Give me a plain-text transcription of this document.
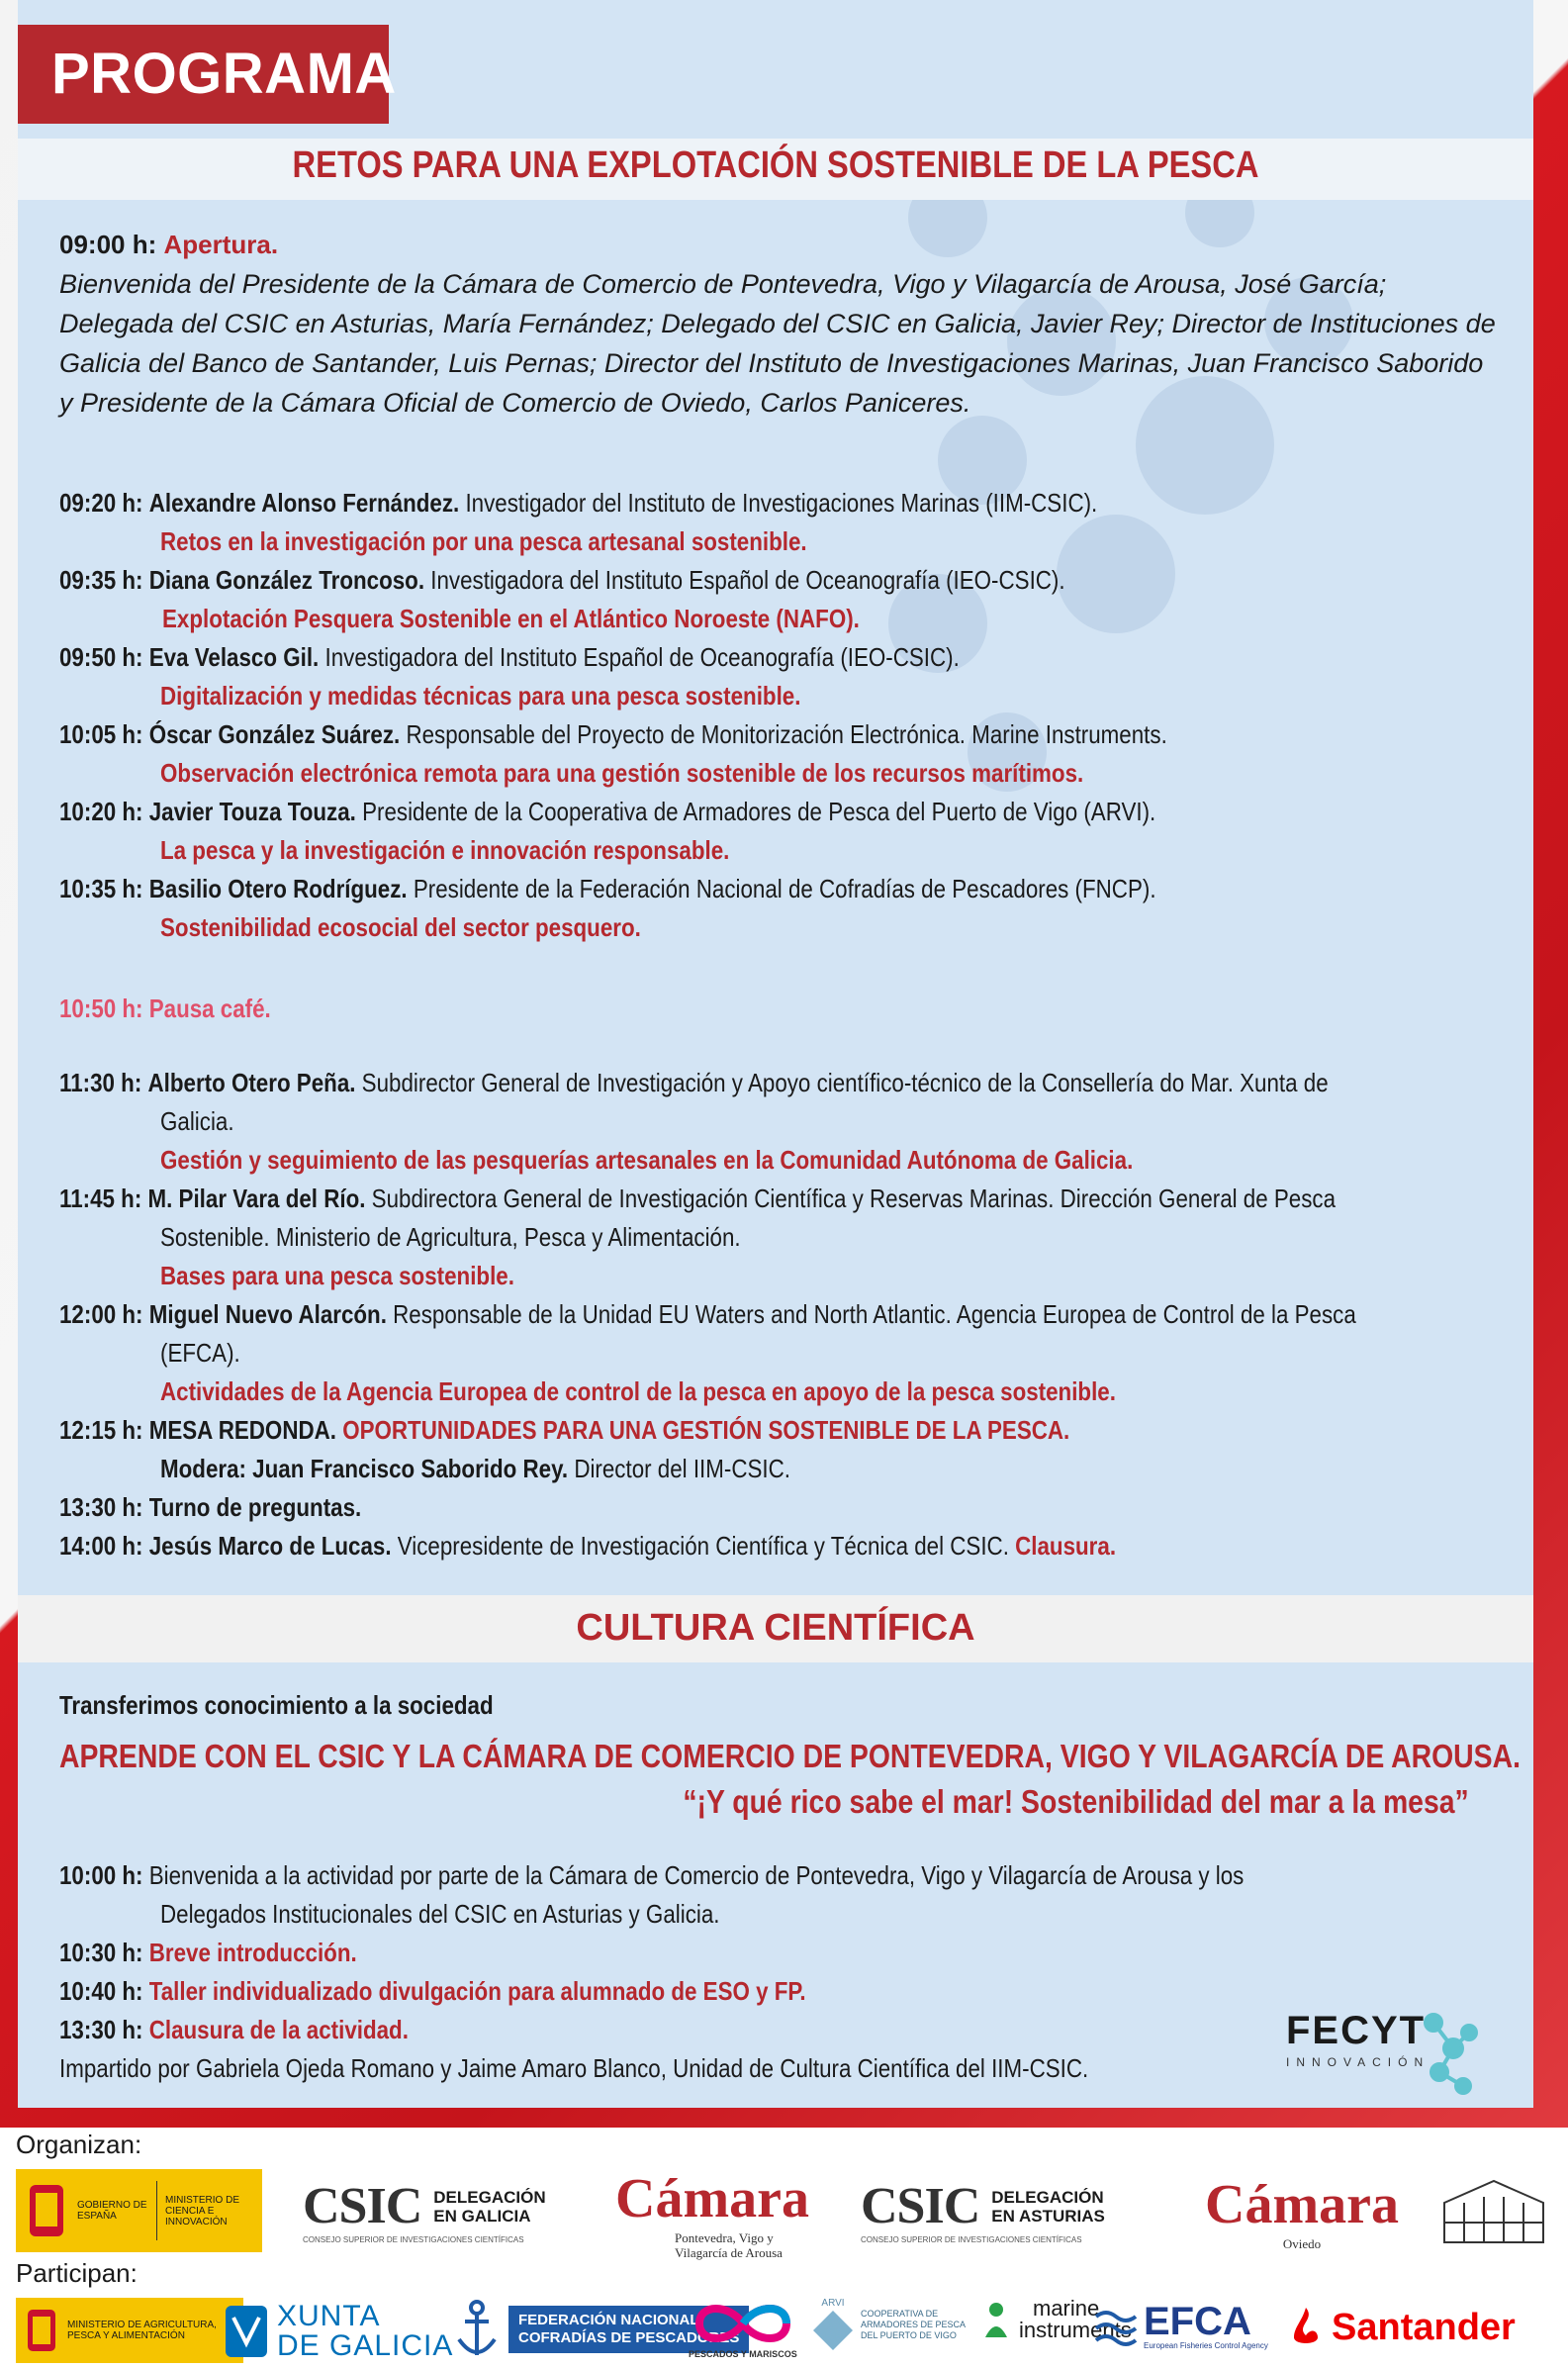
PROGRAMA
RETOS PARA UNA EXPLOTACIÓN SOSTENIBLE DE LA PESCA
09:00 h: Apertura.
Bienvenida del Presidente de la Cámara de Comercio de Pontevedra, Vigo y Vilagarcía de Arousa, José García; Delegada del CSIC en Asturias, María Fernández; Delegado del CSIC en Galicia, Javier Rey; Director de Instituciones de Galicia del Banco de Santander, Luis Pernas; Director del Instituto de Investigaciones Marinas, Juan Francisco Saborido y Presidente de la Cámara Oficial de Comercio de Oviedo, Carlos Paniceres.
09:20 h: Alexandre Alonso Fernández. Investigador del Instituto de Investigaciones Marinas (IIM-CSIC).
Retos en la investigación por una pesca artesanal sostenible.
09:35 h: Diana González Troncoso. Investigadora del Instituto Español de Oceanografía (IEO-CSIC).
Explotación Pesquera Sostenible en el Atlántico Noroeste (NAFO).
09:50 h: Eva Velasco Gil. Investigadora del Instituto Español de Oceanografía (IEO-CSIC).
Digitalización y medidas técnicas para una pesca sostenible.
10:05 h: Óscar González Suárez. Responsable del Proyecto de Monitorización Electrónica. Marine Instruments.
Observación electrónica remota para una gestión sostenible de los recursos marítimos.
10:20 h: Javier Touza Touza. Presidente de la Cooperativa de Armadores de Pesca del Puerto de Vigo (ARVI).
La pesca y la investigación e innovación responsable.
10:35 h: Basilio Otero Rodríguez. Presidente de la Federación Nacional de Cofradías de Pescadores (FNCP).
Sostenibilidad ecosocial del sector pesquero.
10:50 h: Pausa café.
11:30 h: Alberto Otero Peña. Subdirector General de Investigación y Apoyo científico-técnico de la Consellería do Mar. Xunta de
Galicia.
Gestión y seguimiento de las pesquerías artesanales en la Comunidad Autónoma de Galicia.
11:45 h: M. Pilar Vara del Río. Subdirectora General de Investigación Científica y Reservas Marinas. Dirección General de Pesca
Sostenible. Ministerio de Agricultura, Pesca y Alimentación.
Bases para una pesca sostenible.
12:00 h: Miguel Nuevo Alarcón. Responsable de la Unidad EU Waters and North Atlantic. Agencia Europea de Control de la Pesca
(EFCA).
Actividades de la Agencia Europea de control de la pesca en apoyo de la pesca sostenible.
12:15 h: MESA REDONDA. OPORTUNIDADES PARA UNA GESTIÓN SOSTENIBLE DE LA PESCA.
Modera: Juan Francisco Saborido Rey. Director del IIM-CSIC.
13:30 h: Turno de preguntas.
14:00 h: Jesús Marco de Lucas. Vicepresidente de Investigación Científica y Técnica del CSIC. Clausura.
CULTURA CIENTÍFICA
Transferimos conocimiento a la sociedad
APRENDE CON EL CSIC Y LA CÁMARA DE COMERCIO DE PONTEVEDRA, VIGO Y VILAGARCÍA DE AROUSA.
“¡Y qué rico sabe el mar! Sostenibilidad del mar a la mesa”
10:00 h: Bienvenida a la actividad por parte de la Cámara de Comercio de Pontevedra, Vigo y Vilagarcía de Arousa y los
Delegados Institucionales del CSIC en Asturias y Galicia.
10:30 h: Breve introducción.
10:40 h: Taller individualizado divulgación para alumnado de ESO y FP.
13:30 h: Clausura de la actividad.
Impartido por Gabriela Ojeda Romano y Jaime Amaro Blanco, Unidad de Cultura Científica del IIM-CSIC.
FECYT
INNOVACIÓN
Organizan:
GOBIERNO DE ESPAÑA
MINISTERIO DE CIENCIA E INNOVACIÓN	CSIC DELEGACIÓN
EN GALICIA
CONSEJO SUPERIOR DE INVESTIGACIONES CIENTÍFICAS
Cámara
Pontevedra, Vigo y
Vilagarcía de Arousa
CSIC DELEGACIÓN
EN ASTURIAS
CONSEJO SUPERIOR DE INVESTIGACIONES CIENTÍFICAS
Cámara
Oviedo
Participan:
MINISTERIO DE AGRICULTURA, PESCA Y ALIMENTACIÓN
XUNTA
DE GALICIA
FEDERACIÓN NACIONAL
COFRADÍAS DE PESCADORES
PESCADOS Y MARISCOS
ARVI
COOPERATIVA DE ARMADORES DE PESCA DEL PUERTO DE VIGO
marine
instruments EFCA
European Fisheries Control Agency Santander
